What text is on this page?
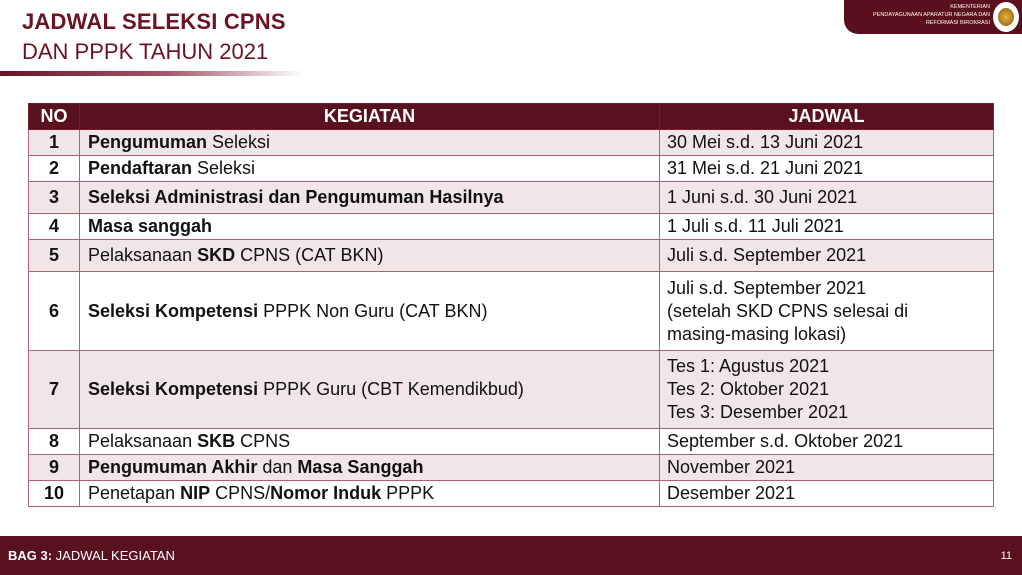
JADWAL SELEKSI CPNS
DAN PPPK TAHUN 2021
KEMENTERIAN
PENDAYAGUNAAN APARATUR NEGARA DAN
REFORMASI BIROKRASI
NO	KEGIATAN	JADWAL
1	Pengumuman Seleksi	30 Mei s.d. 13 Juni 2021

2	Pendaftaran Seleksi	31 Mei s.d. 21 Juni 2021

3	Seleksi Administrasi dan Pengumuman Hasilnya	1 Juni s.d. 30 Juni 2021

4	Masa sanggah	1 Juli s.d. 11 Juli 2021

5	Pelaksanaan SKD CPNS (CAT BKN)	Juli s.d. September 2021

6	Seleksi Kompetensi PPPK Non Guru (CAT BKN)	Juli s.d. September 2021
(setelah SKD CPNS selesai di
masing-masing lokasi)

7	Seleksi Kompetensi PPPK Guru (CBT Kemendikbud)	Tes 1: Agustus 2021
Tes 2: Oktober 2021
Tes 3: Desember 2021

8	Pelaksanaan SKB CPNS	September s.d. Oktober 2021

9	Pengumuman Akhir dan Masa Sanggah	November 2021

10	Penetapan NIP CPNS/Nomor Induk PPPK	Desember 2021
BAG 3: JADWAL KEGIATAN	11
